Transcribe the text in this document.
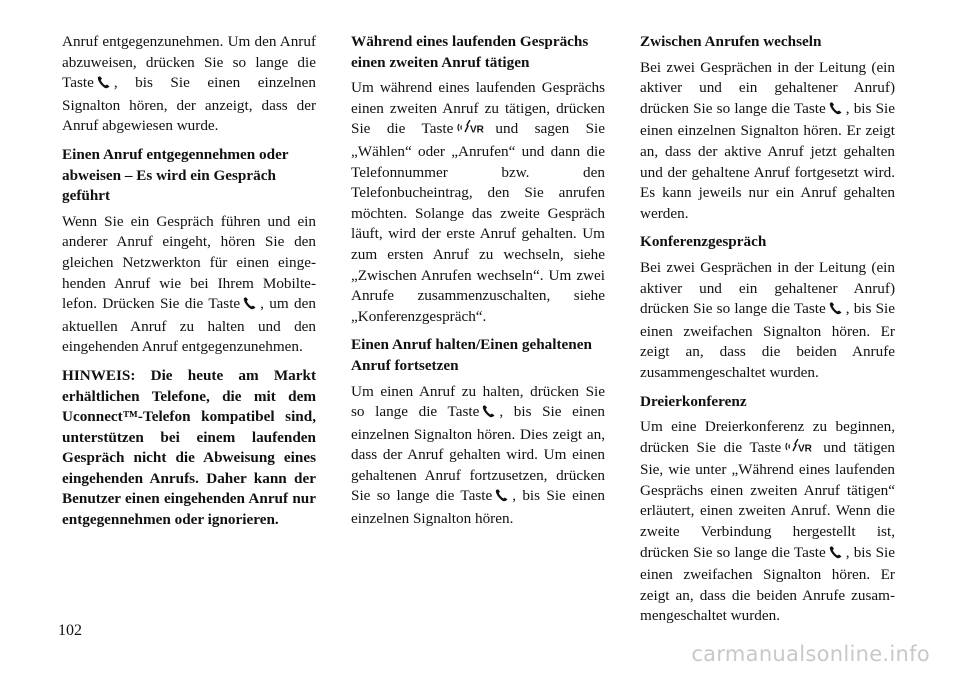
Anruf entgegenzunehmen. Um den Anruf abzuweisen, drücken Sie so lange die Taste , bis Sie einen einzelnen Signalton hören, der anzeigt, dass der Anruf abgewiesen wurde.

Einen Anruf entgegennehmen oder abweisen – Es wird ein Gespräch geführt

Wenn Sie ein Gespräch führen und ein anderer Anruf eingeht, hören Sie den gleichen Netzwerkton für einen eingehenden Anruf wie bei Ihrem Mobiltelefon. Drücken Sie die Taste , um den aktuellen Anruf zu halten und den eingehenden Anruf entgegenzunehmen.

HINWEIS: Die heute am Markt erhältlichen Telefone, die mit dem Uconnect™-Telefon kompatibel sind, unterstützen bei einem laufenden Gespräch nicht die Abweisung eines eingehenden Anrufs. Daher kann der Benutzer einen eingehenden Anruf nur entgegennehmen oder ignorieren.

Während eines laufenden Gesprächs einen zweiten Anruf tätigen

Um während eines laufenden Gesprächs einen zweiten Anruf zu tätigen, drücken Sie die Taste VR und sagen Sie „Wählen“ oder „Anrufen“ und dann die Telefonnummer bzw. den Telefonbucheintrag, den Sie anrufen möchten. Solange das zweite Gespräch läuft, wird der erste Anruf gehalten. Um zum ersten Anruf zu wechseln, siehe „Zwischen Anrufen wechseln“. Um zwei Anrufe zusammenzuschalten, siehe „Konferenzgespräch“.

Einen Anruf halten/Einen gehaltenen Anruf fortsetzen

Um einen Anruf zu halten, drücken Sie so lange die Taste , bis Sie einen einzelnen Signalton hören. Dies zeigt an, dass der Anruf gehalten wird. Um einen gehaltenen Anruf fortzusetzen, drücken Sie so lange die Taste , bis Sie einen einzelnen Signalton hören.

Zwischen Anrufen wechseln

Bei zwei Gesprächen in der Leitung (ein aktiver und ein gehaltener Anruf) drücken Sie so lange die Taste , bis Sie einen einzelnen Signalton hören. Er zeigt an, dass der aktive Anruf jetzt gehalten und der gehaltene Anruf fortgesetzt wird. Es kann jeweils nur ein Anruf gehalten werden.

Konferenzgespräch

Bei zwei Gesprächen in der Leitung (ein aktiver und ein gehaltener Anruf) drücken Sie so lange die Taste , bis Sie einen zweifachen Signalton hören. Er zeigt an, dass die beiden Anrufe zusammengeschaltet wurden.

Dreierkonferenz

Um eine Dreierkonferenz zu beginnen, drücken Sie die Taste VR und tätigen Sie, wie unter „Während eines laufenden Gesprächs einen zweiten Anruf tätigen“ erläutert, einen zweiten Anruf. Wenn die zweite Verbindung hergestellt ist, drücken Sie so lange die Taste , bis Sie einen zweifachen Signalton hören. Er zeigt an, dass die beiden Anrufe zusammengeschaltet wurden.

102
carmanualsonline.info
